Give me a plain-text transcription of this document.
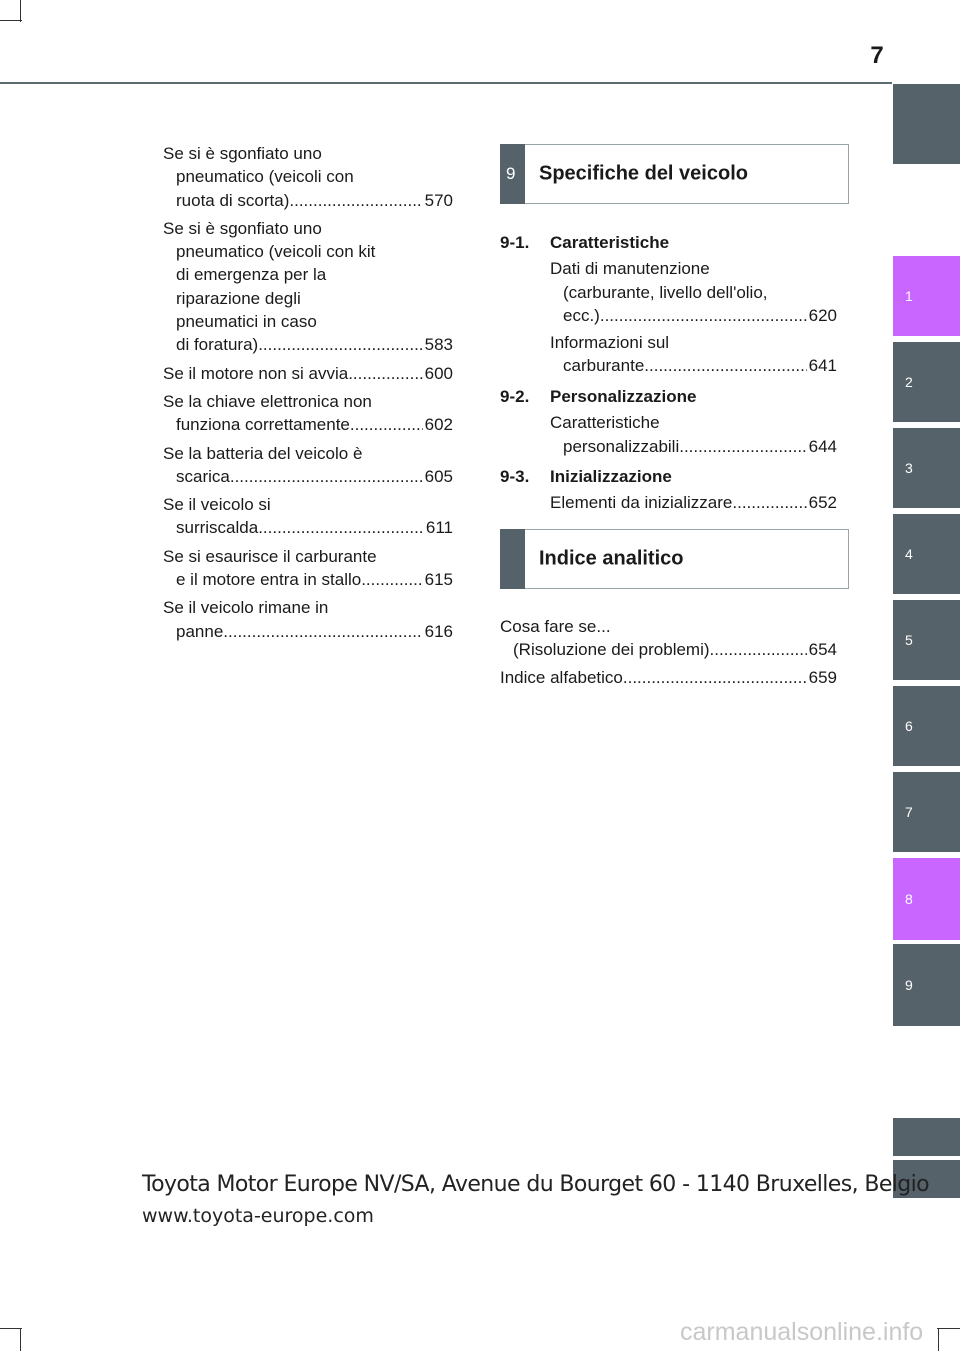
7
1
2
3
4
5
6
7
8
9
Se si è sgonfiato uno
pneumatico (veicoli con
ruota di scorta) .....	570
Se si è sgonfiato uno
pneumatico (veicoli con kit
di emergenza per la
riparazione degli
pneumatici in caso
di foratura) .....	583
Se il motore non si avvia .....	600
Se la chiave elettronica non
funziona correttamente .....	602
Se la batteria del veicolo è
scarica .....	605
Se il veicolo si
surriscalda .....	611
Se si esaurisce il carburante
e il motore entra in stallo .....	615
Se il veicolo rimane in
panne .....	616
9 Specifiche del veicolo
9-1.	Caratteristiche
Dati di manutenzione
(carburante, livello dell'olio,
ecc.) .....	620
Informazioni sul
carburante .....	641
9-2.	Personalizzazione
Caratteristiche
personalizzabili .....	644
9-3.	Inizializzazione
Elementi da inizializzare .....	652
Indice analitico
Cosa fare se...
(Risoluzione dei problemi) .....	654
Indice alfabetico .....	659
Toyota Motor Europe NV/SA, Avenue du Bourget 60 - 1140 Bruxelles, Belgio
www.toyota-europe.com
carmanualsonline.info
